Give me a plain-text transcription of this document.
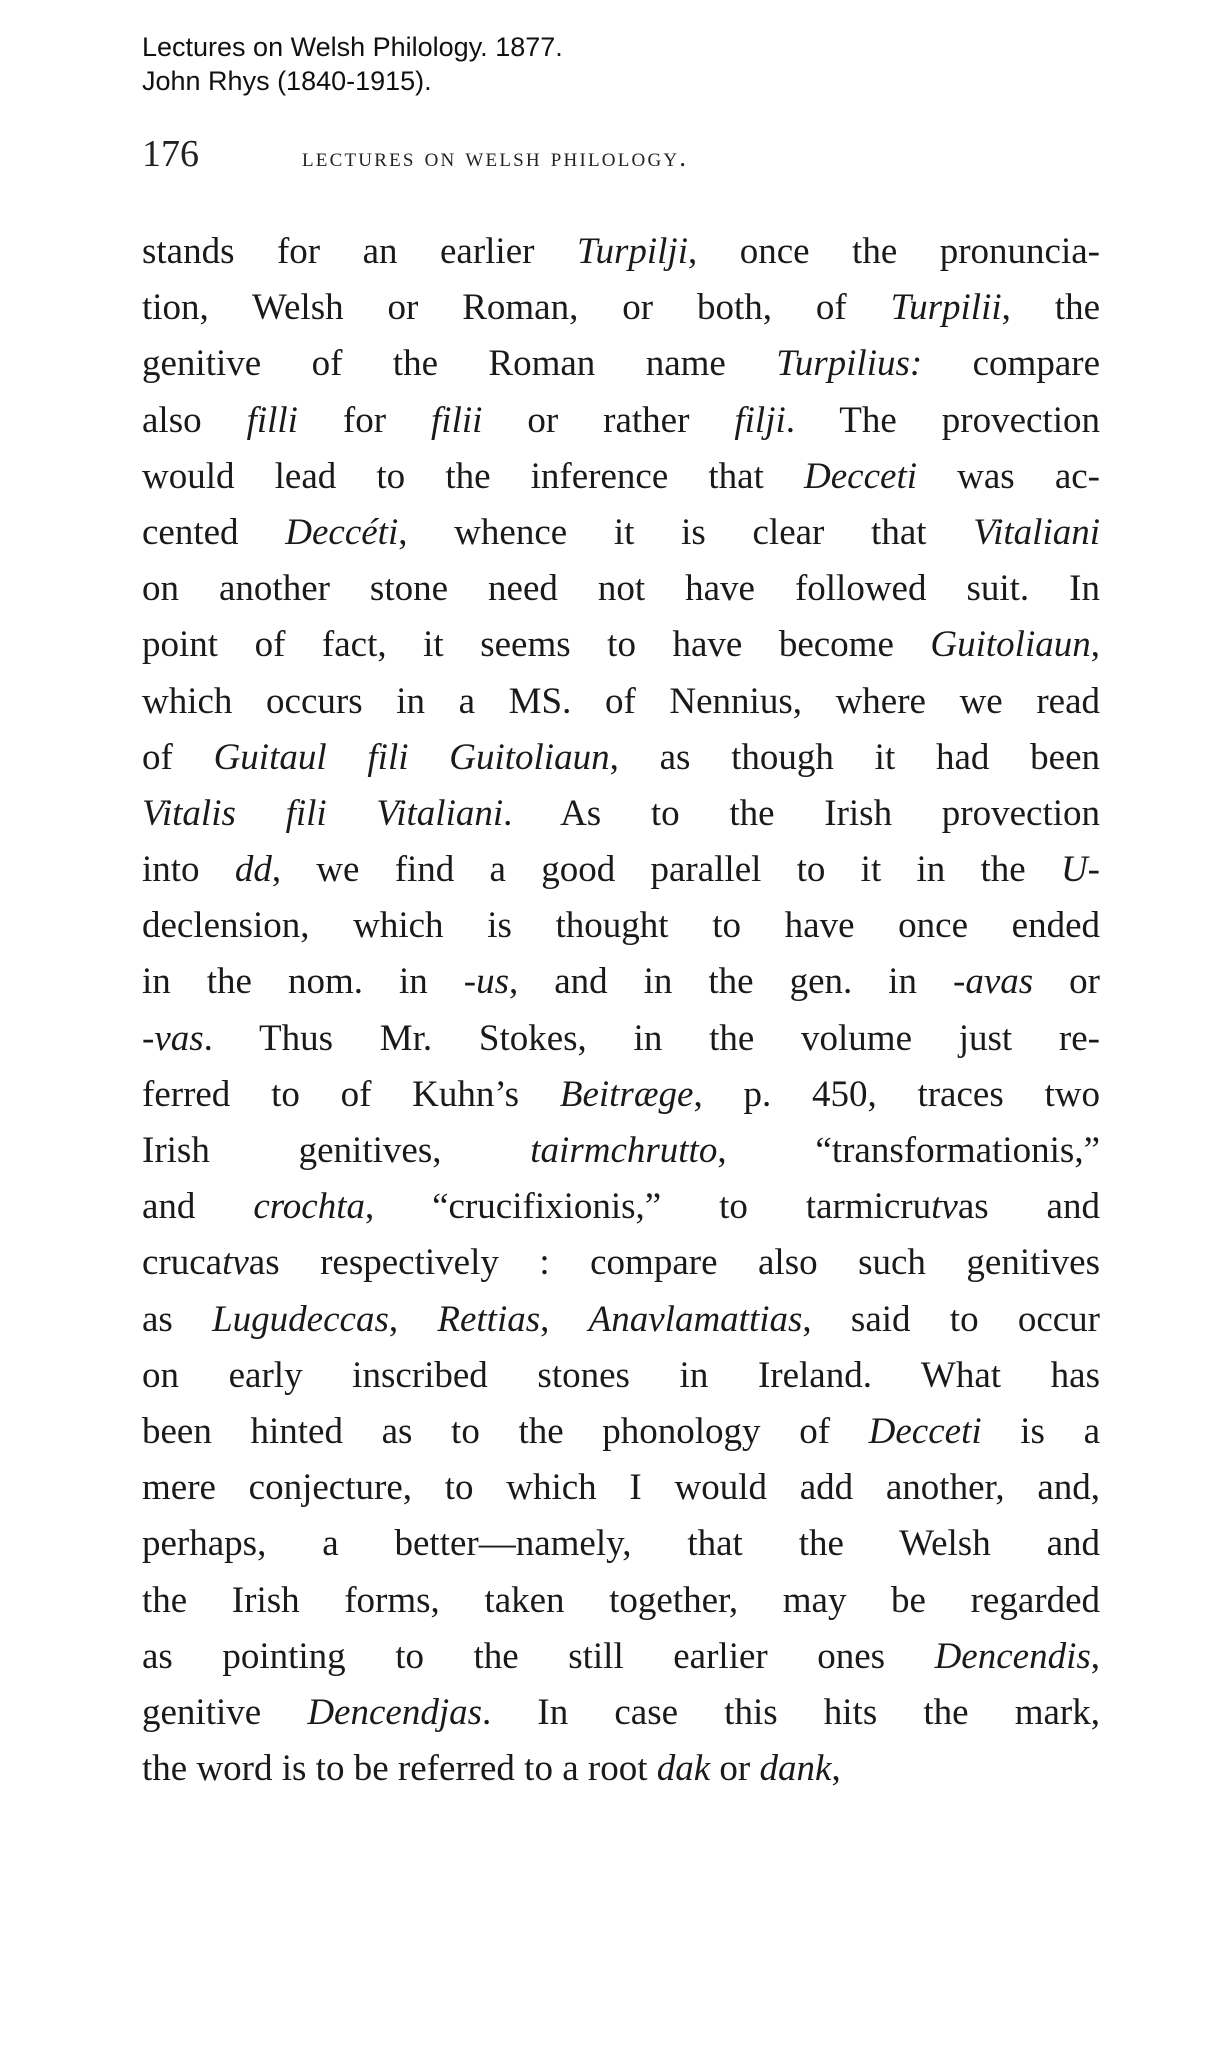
Lectures on Welsh Philology. 1877.
John Rhys (1840-1915).
176	lectures on welsh philology.
stands for an earlier Turpilji, once the pronuncia-
tion, Welsh or Roman, or both, of Turpilii, the
genitive of the Roman name Turpilius: compare
also filli for filii or rather filji. The provection
would lead to the inference that Decceti was ac-
cented Deccéti, whence it is clear that Vitaliani
on another stone need not have followed suit. In
point of fact, it seems to have become Guitoliaun,
which occurs in a MS. of Nennius, where we read
of Guitaul fili Guitoliaun, as though it had been
Vitalis fili Vitaliani. As to the Irish provection
into dd, we find a good parallel to it in the U-
declension, which is thought to have once ended
in the nom. in -us, and in the gen. in -avas or
-vas. Thus Mr. Stokes, in the volume just re-
ferred to of Kuhn’s Beitræge, p. 450, traces two
Irish genitives, tairmchrutto, “transformationis,”
and crochta, “crucifixionis,” to tarmicrutvas and
crucatvas respectively : compare also such genitives
as Lugudeccas, Rettias, Anavlamattias, said to occur
on early inscribed stones in Ireland. What has
been hinted as to the phonology of Decceti is a
mere conjecture, to which I would add another, and,
perhaps, a better—namely, that the Welsh and
the Irish forms, taken together, may be regarded
as pointing to the still earlier ones Dencendis,
genitive Dencendjas. In case this hits the mark,
the word is to be referred to a root dak or dank,
